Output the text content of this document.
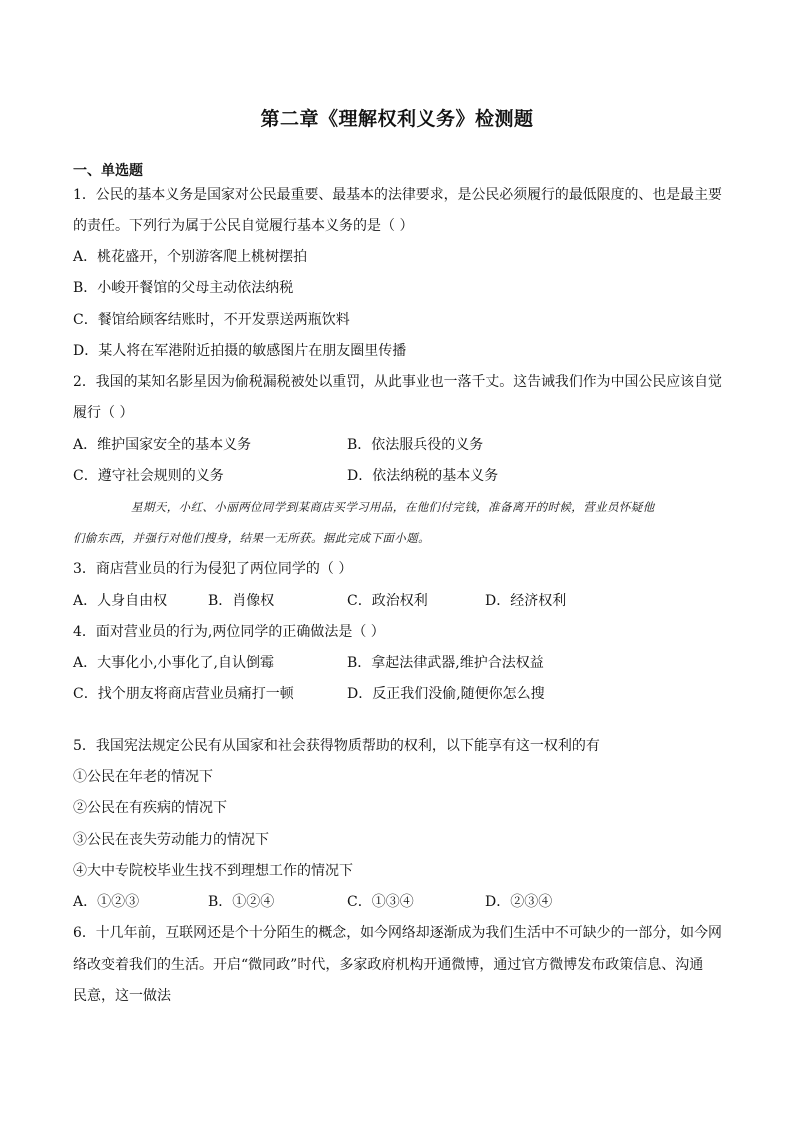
第二章《理解权利义务》检测题
一、单选题
1．公民的基本义务是国家对公民最重要、最基本的法律要求，是公民必须履行的最低限度的、也是最主要
的责任。下列行为属于公民自觉履行基本义务的是（ ）
A．桃花盛开，个别游客爬上桃树摆拍
B．小峻开餐馆的父母主动依法纳税
C．餐馆给顾客结账时，不开发票送两瓶饮料
D．某人将在军港附近拍摄的敏感图片在朋友圈里传播
2．我国的某知名影星因为偷税漏税被处以重罚，从此事业也一落千丈。这告诫我们作为中国公民应该自觉
履行（ ）
A．维护国家安全的基本义务	B．依法服兵役的义务
C．遵守社会规则的义务	D．依法纳税的基本义务
星期天，小红、小丽两位同学到某商店买学习用品，在他们付完钱，准备离开的时候，营业员怀疑他
们偷东西，并强行对他们搜身，结果一无所获。据此完成下面小题。
3．商店营业员的行为侵犯了两位同学的（ ）
A．人身自由权	B．肖像权	C．政治权利	D．经济权利
4．面对营业员的行为,两位同学的正确做法是（ ）
A．大事化小,小事化了,自认倒霉	B．拿起法律武器,维护合法权益
C．找个朋友将商店营业员痛打一顿	D．反正我们没偷,随便你怎么搜
5．我国宪法规定公民有从国家和社会获得物质帮助的权利，以下能享有这一权利的有
①公民在年老的情况下
②公民在有疾病的情况下
③公民在丧失劳动能力的情况下
④大中专院校毕业生找不到理想工作的情况下
A．①②③	B．①②④	C．①③④	D．②③④
6．十几年前，互联网还是个十分陌生的概念，如今网络却逐渐成为我们生活中不可缺少的一部分，如今网
络改变着我们的生活。开启“微同政”时代，多家政府机构开通微博，通过官方微博发布政策信息、沟通
民意，这一做法
